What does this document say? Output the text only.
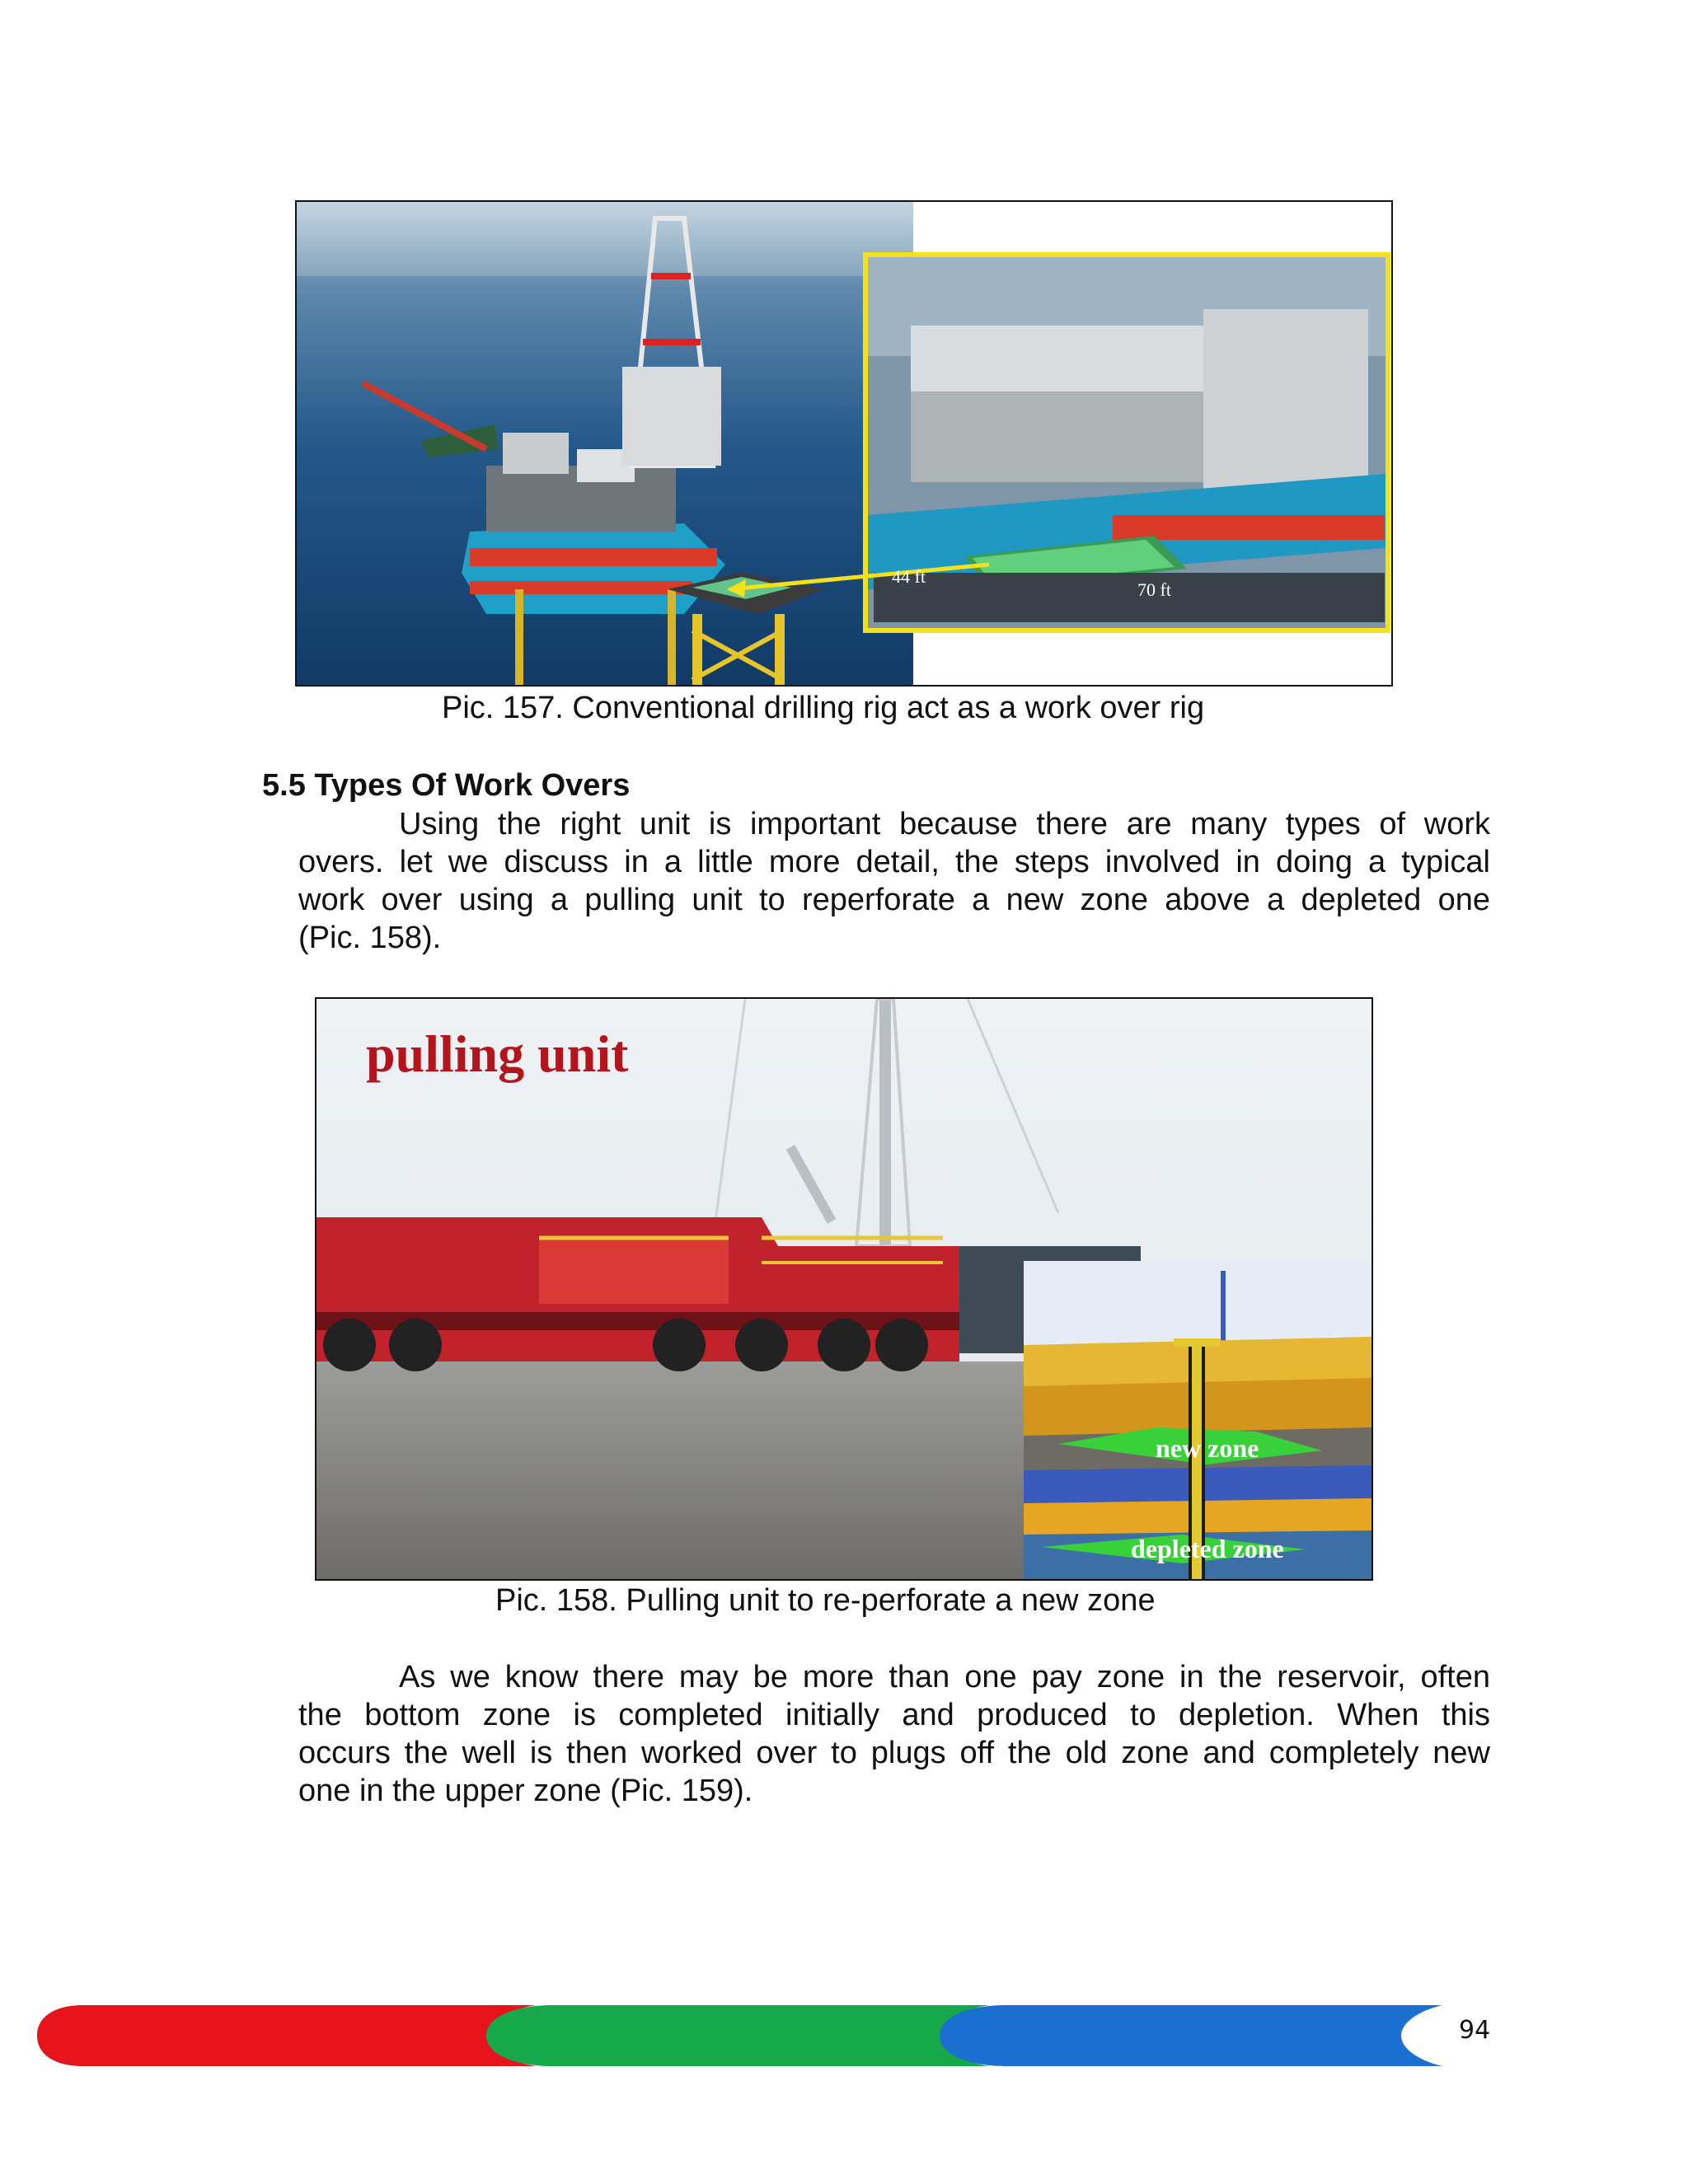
44 ft
70 ft
Pic. 157. Conventional drilling rig act as a work over rig
5.5 Types Of Work Overs
Using the right unit is important because there are many types of work
overs. let we discuss in a little more detail, the steps involved in doing a typical
work over using a pulling unit to reperforate a new zone above a depleted one
(Pic. 158).
pulling unit
new zone
depleted zone
Pic. 158. Pulling unit to re-perforate a new zone
As we know there may be more than one pay zone in the reservoir, often
the bottom zone is completed initially and produced to depletion. When this
occurs the well is then worked over to plugs off the old zone and completely new
one in the upper zone (Pic. 159).
94
